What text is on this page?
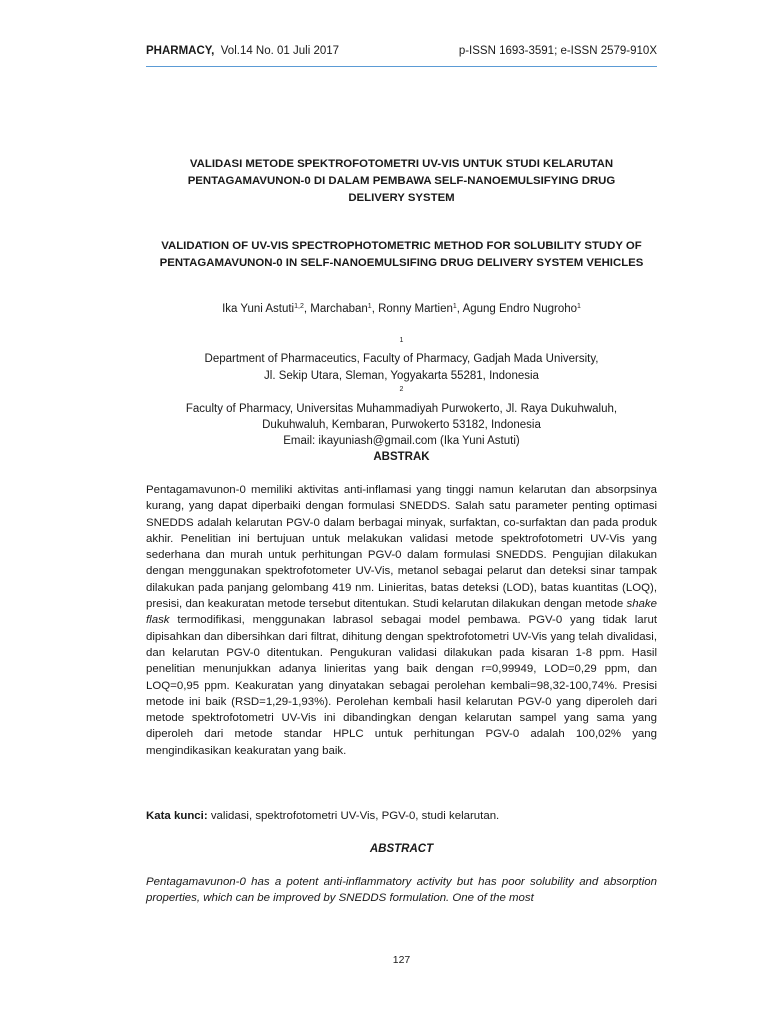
PHARMACY, Vol.14 No. 01 Juli 2017	p-ISSN 1693-3591; e-ISSN 2579-910X
VALIDASI METODE SPEKTROFOTOMETRI UV-VIS UNTUK STUDI KELARUTAN
PENTAGAMAVUNON-0 DI DALAM PEMBAWA SELF-NANOEMULSIFYING DRUG
DELIVERY SYSTEM
VALIDATION OF UV-VIS SPECTROPHOTOMETRIC METHOD FOR SOLUBILITY STUDY OF
PENTAGAMAVUNON-0 IN SELF-NANOEMULSIFING DRUG DELIVERY SYSTEM VEHICLES
Ika Yuni Astuti$^{1,2}$, Marchaban$^1$, Ronny Martien$^1$, Agung Endro Nugroho$^1$
$^1$
Department of Pharmaceutics, Faculty of Pharmacy, Gadjah Mada University,
Jl. Sekip Utara, Sleman, Yogyakarta 55281, Indonesia
$^2$
Faculty of Pharmacy, Universitas Muhammadiyah Purwokerto, Jl. Raya Dukuhwaluh,
Dukuhwaluh, Kembaran, Purwokerto 53182, Indonesia
Email: ikayuniash@gmail.com (Ika Yuni Astuti)
ABSTRAK

Pentagamavunon-0 memiliki aktivitas anti-inflamasi yang tinggi namun kelarutan dan absorpsinya kurang, yang dapat diperbaiki dengan formulasi SNEDDS. Salah satu parameter penting optimasi SNEDDS adalah kelarutan PGV-0 dalam berbagai minyak, surfaktan, co-surfaktan dan pada produk akhir. Penelitian ini bertujuan untuk melakukan validasi metode spektrofotometri UV-Vis yang sederhana dan murah untuk perhitungan PGV-0 dalam formulasi SNEDDS. Pengujian dilakukan dengan menggunakan spektrofotometer UV-Vis, metanol sebagai pelarut dan deteksi sinar tampak dilakukan pada panjang gelombang 419 nm. Linieritas, batas deteksi (LOD), batas kuantitas (LOQ), presisi, dan keakuratan metode tersebut ditentukan. Studi kelarutan dilakukan dengan metode shake flask termodifikasi, menggunakan labrasol sebagai model pembawa. PGV-0 yang tidak larut dipisahkan dan dibersihkan dari filtrat, dihitung dengan spektrofotometri UV-Vis yang telah divalidasi, dan kelarutan PGV-0 ditentukan. Pengukuran validasi dilakukan pada kisaran 1-8 ppm. Hasil penelitian menunjukkan adanya linieritas yang baik dengan r=0,99949, LOD=0,29 ppm, dan LOQ=0,95 ppm. Keakuratan yang dinyatakan sebagai perolehan kembali=98,32-100,74%. Presisi metode ini baik (RSD=1,29-1,93%). Perolehan kembali hasil kelarutan PGV-0 yang diperoleh dari metode spektrofotometri UV-Vis ini dibandingkan dengan kelarutan sampel yang sama yang diperoleh dari metode standar HPLC untuk perhitungan PGV-0 adalah 100,02% yang mengindikasikan keakuratan yang baik.

Kata kunci: validasi, spektrofotometri UV-Vis, PGV-0, studi kelarutan.

ABSTRACT

Pentagamavunon-0 has a potent anti-inflammatory activity but has poor solubility and absorption properties, which can be improved by SNEDDS formulation. One of the most

127
